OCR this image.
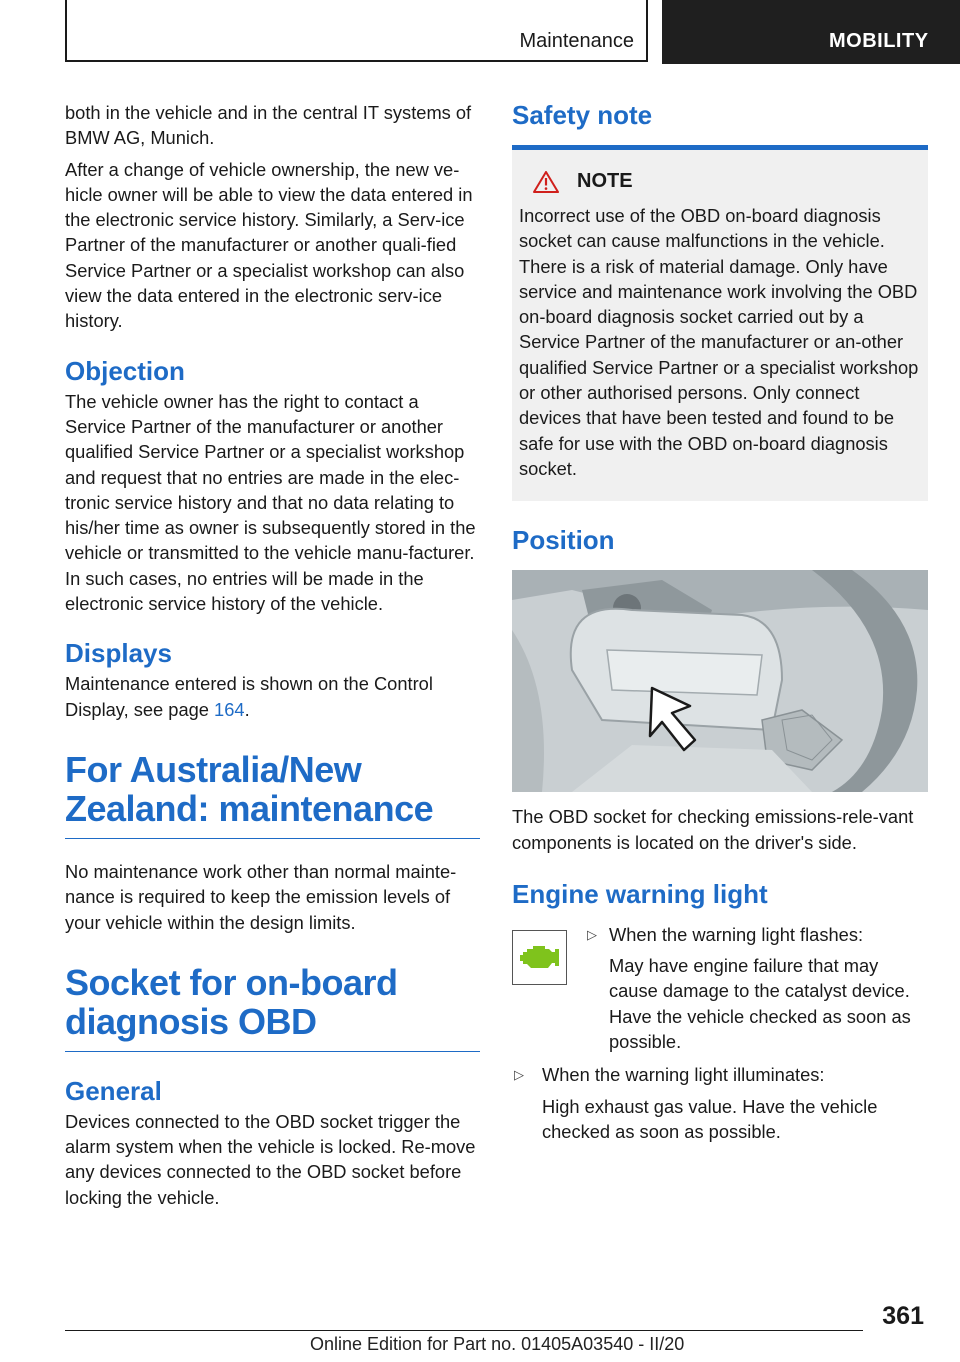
Maintenance	MOBILITY

both in the vehicle and in the central IT systems of BMW AG, Munich.

After a change of vehicle ownership, the new ve-hicle owner will be able to view the data entered in the electronic service history. Similarly, a Serv-ice Partner of the manufacturer or another quali-fied Service Partner or a specialist workshop can also view the data entered in the electronic serv-ice history.

Objection

The vehicle owner has the right to contact a Service Partner of the manufacturer or another qualified Service Partner or a specialist workshop and request that no entries are made in the elec-tronic service history and that no data relating to his/her time as owner is subsequently stored in the vehicle or transmitted to the vehicle manu-facturer. In such cases, no entries will be made in the electronic service history of the vehicle.

Displays

Maintenance entered is shown on the Control Display, see page 164.

For Australia/New Zealand: maintenance

No maintenance work other than normal mainte-nance is required to keep the emission levels of your vehicle within the design limits.

Socket for on-board diagnosis OBD
General

Devices connected to the OBD socket trigger the alarm system when the vehicle is locked. Re-move any devices connected to the OBD socket before locking the vehicle.

Safety note
NOTE

Incorrect use of the OBD on-board diagnosis socket can cause malfunctions in the vehicle. There is a risk of material damage. Only have service and maintenance work involving the OBD on-board diagnosis socket carried out by a Service Partner of the manufacturer or an-other qualified Service Partner or a specialist workshop or other authorised persons. Only connect devices that have been tested and found to be safe for use with the OBD on-board diagnosis socket.

Position

The OBD socket for checking emissions-rele-vant components is located on the driver's side.

Engine warning light
▷ When the warning light flashes:

May have engine failure that may cause damage to the catalyst device. Have the vehicle checked as soon as possible.

▷ When the warning light illuminates:

High exhaust gas value. Have the vehicle checked as soon as possible.

361
Online Edition for Part no. 01405A03540 - II/20
